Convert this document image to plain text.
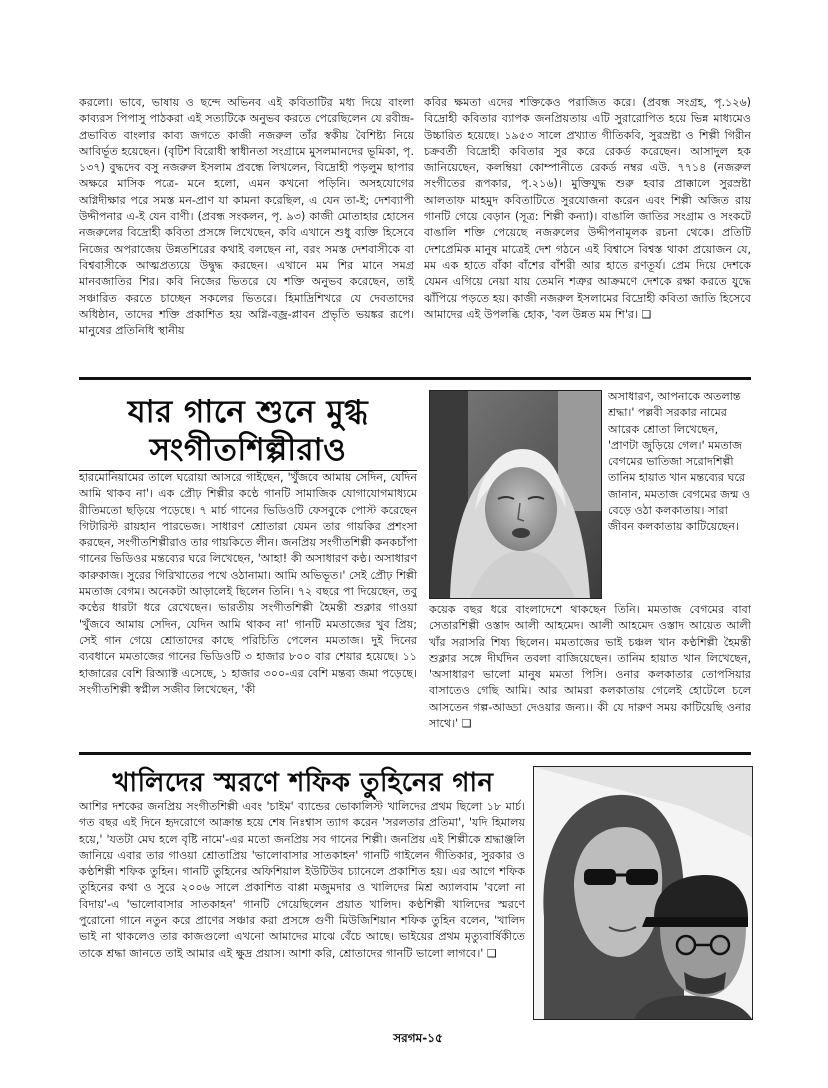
করলো। ভাবে, ভাষায় ও ছন্দে অভিনব এই কবিতাটির মধ্য দিয়ে বাংলা কাব্যরস পিপাসু পাঠকরা এই সত্যটিকে অনুভব করতে পেরেছিলেন যে রবীন্দ্র-প্রভাবিত বাংলার কাব্য জগতে কাজী নজরুল তাঁর স্বকীয় বৈশিষ্ট্য নিয়ে আবির্ভূত হয়েছেন। (বৃটিশ বিরোধী স্বাধীনতা সংগ্রামে মুসলমানদের ভূমিকা, পৃ. ১৩৭) বুদ্ধদেব বসু নজরুল ইসলাম প্রবন্ধে লিখলেন, বিদ্রোহী পড়লুম ছাপার অক্ষরে মাসিক পত্রে- মনে হলো, এমন কখনো পড়িনি। অসহযোগের অগ্নিদীক্ষার পরে সমস্ত মন-প্রাণ যা কামনা করেছিল, এ যেন তা-ই; দেশব্যাপী উদ্দীপনার এ-ই যেন বাণী। (প্রবন্ধ সংকলন, পৃ. ৯৩) কাজী মোতাহার হোসেন নজরুলের বিদ্রোহী কবিতা প্রসঙ্গে লিখেছেন, কবি এখানে শুধু ব্যক্তি হিসেবে নিজের অপরাজেয় উন্নতশিরের কথাই বলছেন না, বরং সমস্ত দেশবাসীকে বা বিশ্ববাসীকে আত্মপ্রত্যয়ে উদ্বুদ্ধ করছেন। এখানে মম শির মানে সমগ্র মানবজাতির শির। কবি নিজের ভিতরে যে শক্তি অনুভব করেছেন, তাই সঞ্চারিত করতে চাচ্ছেন সকলের ভিতরে। হিমাদ্রিশিখরে যে দেবতাদের অধিষ্ঠান, তাদের শক্তি প্রকাশিত হয় অগ্নি-বজ্র-প্লাবন প্রভৃতি ভয়ঙ্কর রূপে। মানুষের প্রতিনিধি স্থানীয়

কবির ক্ষমতা এদের শক্তিকেও পরাজিত করে। (প্রবন্ধ সংগ্রহ, পৃ.১২৬) বিদ্রোহী কবিতার ব্যাপক জনপ্রিয়তায় এটি সুরারোপিত হয়ে ভিন্ন মাধ্যমেও উচ্চারিত হয়েছে। ১৯৫৩ সালে প্রখ্যাত গীতিকবি, সুরস্রষ্টা ও শিল্পী গিরীন চক্রবর্তী বিদ্রোহী কবিতার সুর করে রেকর্ড করেছেন। আসাদুল হক জানিয়েছেন, কলম্বিয়া কোম্পানীতে রেকর্ড নম্বর এউ. ৭৭১৪ (নজরুল সংগীতের রূপকার, পৃ.২১৬)। মুক্তিযুদ্ধ শুরু হবার প্রাক্কালে সুরস্রষ্টা আলতাফ মাহমুদ কবিতাটিতে সুরযোজনা করেন এবং শিল্পী অজিত রায় গানটি গেয়ে বেড়ান (সূত্র: শিল্পী কন্যা)। বাঙালি জাতির সংগ্রাম ও সংকটে বাঙালি শক্তি পেয়েছে নজরুলের উদ্দীপনামূলক রচনা থেকে। প্রতিটি দেশপ্রেমিক মানুষ মাত্রেই দেশ গঠনে এই বিশ্বাসে বিশ্বস্ত থাকা প্রয়োজন যে, মম এক হাতে বাঁকা বাঁশের বাঁশরী আর হাতে রণতূর্য। প্রেম দিয়ে দেশকে যেমন এগিয়ে নেয়া যায় তেমনি শত্রুর আক্রমণে দেশকে রক্ষা করতে যুদ্ধে ঝাঁপিয়ে পড়তে হয়। কাজী নজরুল ইসলামের বিদ্রোহী কবিতা জাতি হিসেবে আমাদের এই উপলব্ধি হোক, 'বল উন্নত মম শি'র। ❑

যার গানে শুনে মুগ্ধ
সংগীতশিল্পীরাও

হারমোনিয়ামের তালে ঘরোয়া আসরে গাইছেন, 'খুঁজবে আমায় সেদিন, যেদিন আমি থাকব না'। এক প্রৌঢ় শিল্পীর কণ্ঠে গানটি সামাজিক যোগাযোগমাধ্যমে রীতিমতো ছড়িয়ে পড়েছে। ৭ মার্চ গানের ভিডিওটি ফেসবুকে পোস্ট করেছেন গিটারিস্ট রায়হান পারভেজ। সাধারণ শ্রোতারা যেমন তার গায়কির প্রশংসা করছেন, সংগীতশিল্পীরাও তার গায়কিতে লীন। জনপ্রিয় সংগীতশিল্পী কনকচাঁপা গানের ভিডিওর মন্তব্যের ঘরে লিখেছেন, 'আহা! কী অসাধারণ কণ্ঠ। অসাধারণ কারুকাজ। সুরের গিরিখাতের পথে ওঠানামা। আমি অভিভূত।' সেই প্রৌঢ় শিল্পী মমতাজ বেগম। অনেকটা আড়ালেই ছিলেন তিনি। ৭২ বছরে পা দিয়েছেন, তবু কণ্ঠের ধারটা ধরে রেখেছেন। ভারতীয় সংগীতশিল্পী হৈমন্তী শুক্লার গাওয়া 'খুঁজবে আমায় সেদিন, যেদিন আমি থাকব না' গানটি মমতাজের খুব প্রিয়; সেই গান গেয়ে শ্রোতাদের কাছে পরিচিতি পেলেন মমতাজ। দুই দিনের ব্যবধানে মমতাজের গানের ভিডিওটি ৩ হাজার ৮০০ বার শেয়ার হয়েছে। ১১ হাজারের বেশি রিঅ্যাক্ট এসেছে, ১ হাজার ৩০০-এর বেশি মন্তব্য জমা পড়েছে। সংগীতশিল্পী স্বপ্নীল সজীব লিখেছেন, 'কী

অসাধারণ, আপনাকে অতলান্ত শ্রদ্ধা।' পল্লবী সরকার নামের আরেক শ্রোতা লিখেছেন, 'প্রাণটা জুড়িয়ে গেল।' মমতাজ বেগমের ভাতিজা সরোদশিল্পী তানিম হায়াত খান মন্তব্যের ঘরে জানান, মমতাজ বেগমের জন্ম ও বেড়ে ওঠা কলকাতায়। সারা জীবন কলকাতায় কাটিয়েছেন।

কয়েক বছর ধরে বাংলাদেশে থাকছেন তিনি। মমতাজ বেগমের বাবা সেতারশিল্পী ওস্তাদ আলী আহমেদ। আলী আহমেদ ওস্তাদ আয়েত আলী খাঁর সরাসরি শিষ্য ছিলেন। মমতাজের ভাই চঞ্চল খান কণ্ঠশিল্পী হৈমন্তী শুক্লার সঙ্গে দীর্ঘদিন তবলা বাজিয়েছেন। তানিম হায়াত খান লিখেছেন, 'অসাধারণ ভালো মানুষ মমতা পিসি। ওনার কলকাতার তোপসিয়ার বাসাতেও গেছি আমি। আর আমরা কলকাতায় গেলেই হোটেলে চলে আসতেন গল্প-আড্ডা দেওয়ার জন্য।। কী যে দারুণ সময় কাটিয়েছি ওনার সাথে।' ❑

খালিদের স্মরণে শফিক তুহিনের গান

আশির দশকের জনপ্রিয় সংগীতশিল্পী এবং 'চাইম' ব্যান্ডের ভোকালিস্ট খালিদের প্রথম ছিলো ১৮ মার্চ। গত বছর এই দিনে হৃদরোগে আক্রান্ত হয়ে শেষ নিঃশ্বাস ত্যাগ করেন 'সরলতার প্রতিমা', 'যদি হিমালয় হয়ে,' 'যতটা মেঘ হলে বৃষ্টি নামে'-এর মতো জনপ্রিয় সব গানের শিল্পী। জনপ্রিয় এই শিল্পীকে শ্রদ্ধাঞ্জলি জানিয়ে এবার তার গাওয়া শ্রোতাপ্রিয় 'ভালোবাসার সাতকাহন' গানটি গাইলেন গীতিকার, সুরকার ও কণ্ঠশিল্পী শফিক তুহিন। গানটি তুহিনের অফিশিয়াল ইউটিউব চ্যানেলে প্রকাশিত হয়। এর আগে শফিক তুহিনের কথা ও সুরে ২০০৬ সালে প্রকাশিত বাপ্পা মজুমদার ও খালিদের মিশ্র অ্যালবাম 'বলো না বিদায়'-এ 'ভালোবাসার সাতকাহন' গানটি গেয়েছিলেন প্রয়াত খালিদ। কণ্ঠশিল্পী খালিদের স্মরণে পুরোনো গানে নতুন করে প্রাণের সঞ্চার করা প্রসঙ্গে গুণী মিউজিশিয়ান শফিক তুহিন বলেন, 'খালিদ ভাই না থাকলেও তার কাজগুলো এখনো আমাদের মাঝে বেঁচে আছে। ভাইয়ের প্রথম মৃত্যুবার্ষিকীতে তাকে শ্রদ্ধা জানতে তাই আমার এই ক্ষুদ্র প্রয়াস। আশা করি, শ্রোতাদের গানটি ভালো লাগবে।' ❑

সরগম-১৫
